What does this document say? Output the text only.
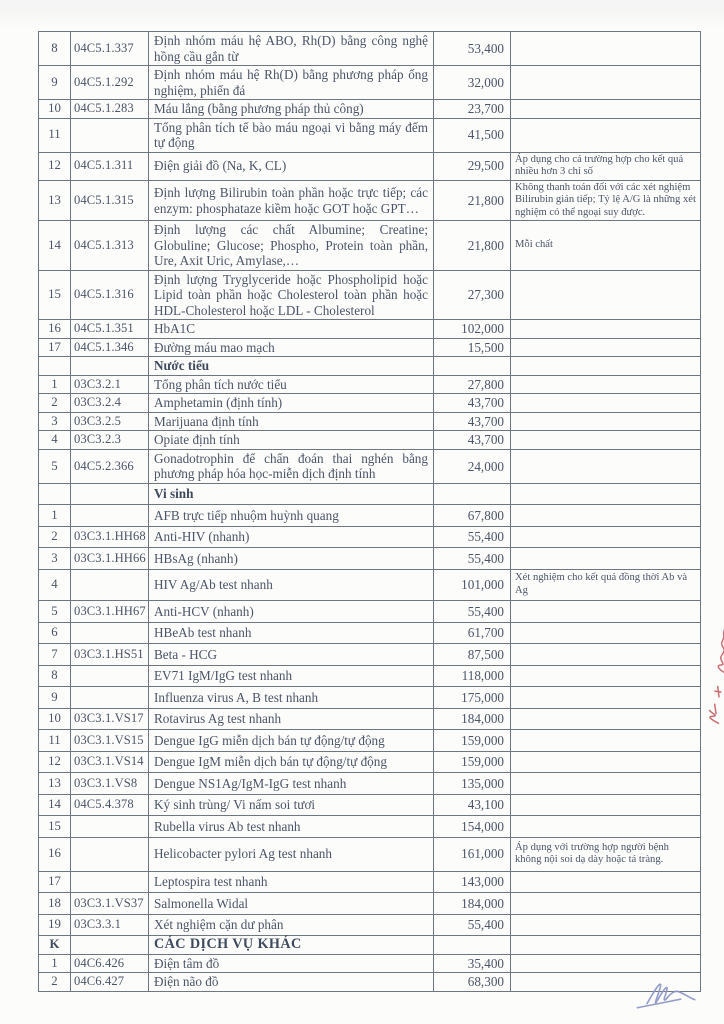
8	04C5.1.337	Định nhóm máu hệ ABO, Rh(D) bằng công nghệ hồng cầu gắn từ	53,400	
9	04C5.1.292	Định nhóm máu hệ Rh(D) bằng phương pháp ống nghiệm, phiến đá	32,000	
10	04C5.1.283	Máu lắng (bằng phương pháp thủ công)	23,700	
11		Tổng phân tích tế bào máu ngoại vi bằng máy đếm tự động	41,500	
12	04C5.1.311	Điện giải đồ (Na, K, CL)	29,500	Áp dụng cho cả trường hợp cho kết quả nhiều hơn 3 chỉ số
13	04C5.1.315	Định lượng Bilirubin toàn phần hoặc trực tiếp; các enzym: phosphataze kiềm hoặc GOT hoặc GPT…	21,800	Không thanh toán đối với các xét nghiệm Bilirubin gián tiếp; Tỷ lệ A/G là những xét nghiệm có thể ngoại suy được.
14	04C5.1.313	Định lượng các chất Albumine; Creatine; Globuline; Glucose; Phospho, Protein toàn phần, Ure, Axit Uric, Amylase,…	21,800	Mỗi chất
15	04C5.1.316	Định lượng Tryglyceride hoặc Phospholipid hoặc Lipid toàn phần hoặc Cholesterol toàn phần hoặc HDL-Cholesterol hoặc LDL - Cholesterol	27,300	
16	04C5.1.351	HbA1C	102,000	
17	04C5.1.346	Đường máu mao mạch	15,500	
		Nước tiểu		
1	03C3.2.1	Tổng phân tích nước tiểu	27,800	
2	03C3.2.4	Amphetamin (định tính)	43,700	
3	03C3.2.5	Marijuana định tính	43,700	
4	03C3.2.3	Opiate định tính	43,700	
5	04C5.2.366	Gonadotrophin để chẩn đoán thai nghén bằng phương pháp hóa học-miễn dịch định tính	24,000	
		Vi sinh		
1		AFB trực tiếp nhuộm huỳnh quang	67,800	
2	03C3.1.HH68	Anti-HIV (nhanh)	55,400	
3	03C3.1.HH66	HBsAg (nhanh)	55,400	
4		HIV Ag/Ab test nhanh	101,000	Xét nghiệm cho kết quả đồng thời Ab và Ag
5	03C3.1.HH67	Anti-HCV (nhanh)	55,400	
6		HBeAb test nhanh	61,700	
7	03C3.1.HS51	Beta - HCG	87,500	
8		EV71 IgM/IgG test nhanh	118,000	
9		Influenza virus A, B test nhanh	175,000	
10	03C3.1.VS17	Rotavirus Ag test nhanh	184,000	
11	03C3.1.VS15	Dengue IgG miễn dịch bán tự động/tự động	159,000	
12	03C3.1.VS14	Dengue IgM miễn dịch bán tự động/tự động	159,000	
13	03C3.1.VS8	Dengue NS1Ag/IgM-IgG test nhanh	135,000	
14	04C5.4.378	Ký sinh trùng/ Vi nấm soi tươi	43,100	
15		Rubella virus Ab test nhanh	154,000	
16		Helicobacter pylori Ag test nhanh	161,000	Áp dụng với trường hợp người bệnh không nội soi dạ dày hoặc tá tràng.
17		Leptospira test nhanh	143,000	
18	03C3.1.VS37	Salmonella Widal	184,000	
19	03C3.3.1	Xét nghiệm cặn dư phân	55,400	
K		CÁC DỊCH VỤ KHÁC		
1	04C6.426	Điện tâm đồ	35,400	
2	04C6.427	Điện não đồ	68,300	
